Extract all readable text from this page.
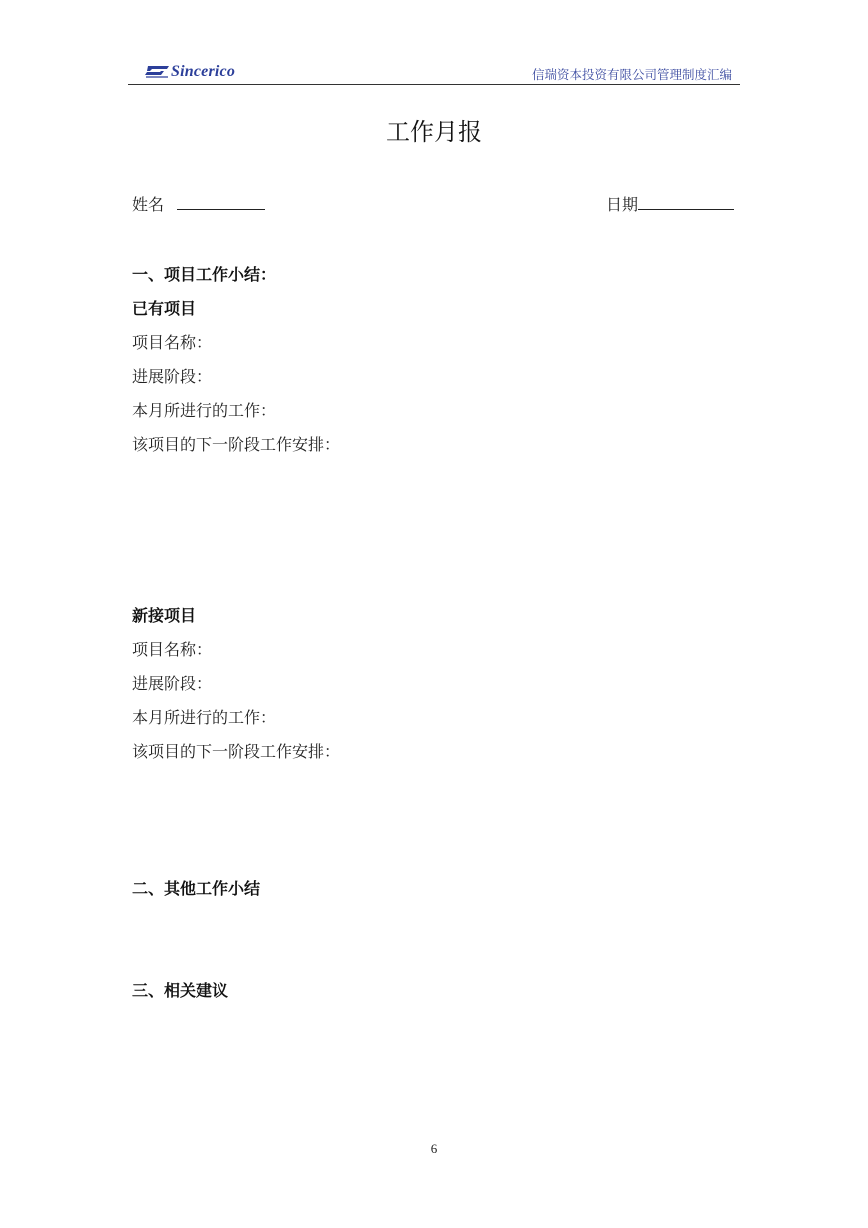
Sincerico	信瑞资本投资有限公司管理制度汇编
工作月报
姓名	日期
一、项目工作小结：
已有项目
项目名称：
进展阶段：
本月所进行的工作：
该项目的下一阶段工作安排：
新接项目
项目名称：
进展阶段：
本月所进行的工作：
该项目的下一阶段工作安排：
二、其他工作小结
三、相关建议
6
